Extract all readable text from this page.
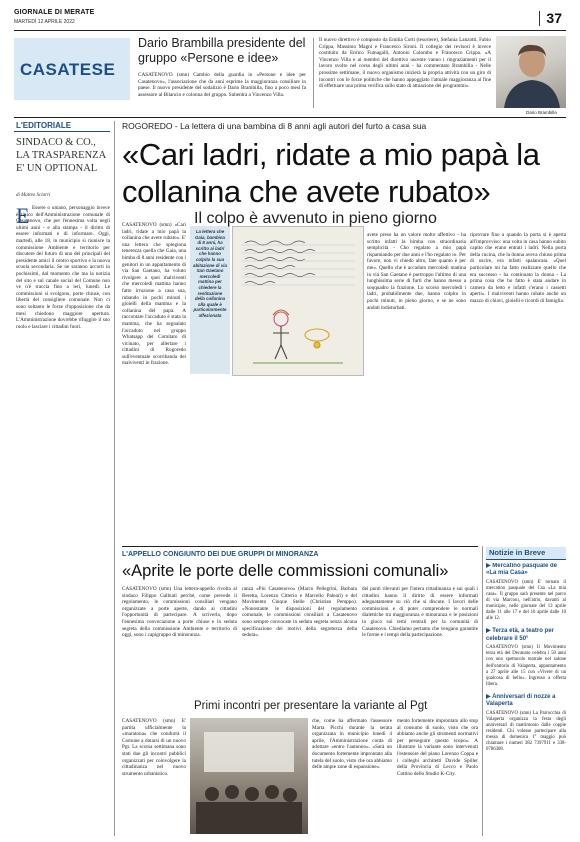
GIORNALE DI MERATE
MARTEDÌ 12 APRILE 2022	37
CASATESE
Dario Brambilla presidente del gruppo «Persone e idee»
CASATENOVO (smn) Cambio della guardia in «Persone e idee per Casatenovo», l'associazione che da anni esprime la maggioranza consiliare in paese. Il nuovo presidente del sodalizio è Dario Brambilla, fino a poco mesi fa assessore al Bilancio e colonna del gruppo. Subentra a Vincenzo Villa.
Il nuovo direttivo è composto da Emilia Corti (tesoriere), Stefania Lanzotti, Fabio Crippa, Massimo Magni e Francesco Sironi. Il collegio dei revisori è invece costituito da Enrico Fumagalli, Antonio Colombo e Francesco Crippa. «A Vincenzo Villa e ai membri del direttivo uscente vanno i ringraziamenti per il lavoro svolto nel corso degli ultimi anni - ha commentato Brambilla - Nelle prossime settimane, il nuovo organismo inizierà la propria attività con un giro di incontri con le forze politiche che hanno appoggiato l'attuale maggioranza al fine di effettuare una prima verifica sullo stato di attuazione dei programmi».
Dario Brambilla
L'EDITORIALE
SINDACO & CO., LA TRASPARENZA E' UN OPTIONAL
di Matteo Sciarri
E Essere o umano, personaggio invece è tipico dell'Amministrazione comunale di Casatenovo, che per l'ennesima volta negli ultimi anni - e alla stampa - il diritto di essere informati e di informare. Oggi, martedì, alle 18, in municipio si riunisce la commissione Ambiente e territorio per discutere del futuro di uno dei principali del presidente amici il centro sportivo e la nuova scuola secondaria. Se ne saranno accorti in pochissimi, dal momento che ma la notizia del sito e sul canale social del Comune non ve n'è traccia fino a ieri, lunedì. Le commissioni si svolgono, porte chiuse, con libertà del consigliere comunale. Non ci sono soltanto le forze d'opposizione che da mesi chiedono maggiore apertura. L'Amministrazione dovrebbe rifuggire il suo ruolo e lasciare i cittadini fuori.
ROGOREDO - La lettera di una bambina di 8 anni agli autori del furto a casa sua
«Cari ladri, ridate a mio papà la collanina che avete rubato»
CASATENOVO (smn) «Cari ladri, ridate a mio papà la collanina che avete rubato». E' una lettera che spiegiona tenerezza quella che Gaia, una bimba di 8 anni residente con i genitori in un appartamento di via San Gaetano, ha voluto rivolgere a quei malviventi che mercoledì mattina hanno fatto irruzione a casa sua, rubando in pochi minuti i gioielli della mamma e la collanina del papà. A raccontare l'accaduto è stata la mamma, che ha segnalato l'accaduto nel gruppo Whatsapp del Comitato di vicinato, per allertare i cittadini di Rogoredo sull'eventuale scorribanda dei malviventi in frazione.
La lettera che Gaia, bambina di 8 anni, ha scritto ai ladri che hanno colpito la sua abitazione di via San Gaetano mercoledì mattina per chiedere la restituzione della collanina alla quale è particolarmente affezionata
Il colpo è avvenuto in pieno giorno
avete preso ha un valore molto affettivo - ha scritto infatti la bimba con straordinaria semplicità - Cho regalato a mio papà rispamiando per due anni e l'ho regalato io. Per favore, non vi chiedo altro, fate quanto è per me». Quello che è accaduto mercoledì mattina in via San Gaetano è purtroppo l'ultimo di una lunghissima serie di furti che hanno messo a soqquadro la frazione. Lo scorso mercoledì i ladri, probabilmente due, hanno colpito in pochi minuti, in pieno giorno, e se ne sono andati indisturbati.
riprovare fino a quando la porta si è aperta all'improvviso: una volta in casa hanno subito capito che erano entrati i ladri. Nella porta della cucina, che la donna aveva chiuso prima di uscire, era infatti spalancata. «Quel particolare mi ha fatto realizzare quello che era successo - ha continuato la donna - La prima cosa che ho fatto è stata andare in camera da letto e infatti c'erano i cassetti aperti». I malviventi hanno rubato anche un mazzo di chiavi, gioielli e ricordi di famiglia.
L'APPELLO CONGIUNTO DEI DUE GRUPPI DI MINORANZA
«Aprite le porte delle commissioni comunali»
CASATENOVO (smn) Una lettera-appello rivolta al sindaco Filippo Galbiati perché, come prevede il regolamento, le commissioni consiliari vengano organizzate a porte aperte, dando ai cittadini l'opportunità di partecipare. A scriverla, dopo l'ennesima convocazione a porte chiuse e in seduta segreta della commissione Ambiente e territorio di oggi, sono i capigruppo di minoranza.
ranza «Più Casatenovo» (Marco Pellegrini, Barbara Beretta, Lorenzo Citterio e Marcello Paleari) e del Movimento Cinque Stelle (Christian Pemppo). «Nonostante le disposizioni del regolamento comunale, le commissioni consiliari a Casatenovo sono sempre convocate in seduta segreta senza alcuna specificazione dei motivi della segretezza della seduta».
dei punti rilevanti per l'intera cittadinanza e sui quali i cittadini hanno il diritto di essere informati adeguatamente su ciò che si discute. I lavori delle commissioni e di poter comprendere le normali dialettiche tra maggioranza e minoranza e le posizioni in gioco sui temi centrali per la comunità di Casatenovo. Chiediamo pertanto che vengano garantite le forme e i tempi della partecipazione.
Primi incontri per presentare la variante al Pgt
CASATENOVO (smn) E' partita ufficialmente la «maratona» che condurrà il Comune a dotarsi di un nuovo Pgt. La scorsa settimana sono stati due gli incontri pubblici organizzati per coinvolgere la cittadinanza nel nuovo strumento urbanistico.
che, come ha affermato l'assessore Marta Picchi durante la serata organizzata in municipio lunedì 4 aprile, l'Amministrazione conta di adottare «entro l'autunno». «Sarà un documento fortemente improntato alla tutela del suolo, visto che ora abbiamo delle ampie zone di espansione».
mento fortemente improntato allo stop al consumo di suolo, visto che ora abbiamo anche gli strumenti normativi per perseguire questo scopo». A illustrare la variante sono intervenuti l'estensore del piano Lorenzo Coppa e i colleghi architetti Davide Spiller della Provincia di Lecco e Paolo Cottino dello Studio K-City.
Notizie in Breve
▶ Mercatino pasquale de «La mia Casa»
CASATENOVO (smn) E' tornato il mercatino pasquale del Csa «La mia casa». Il gruppo sarà presente nel parco di via Marconi, nell'atrio, davanti al municipio, nelle giornate del 13 aprile dalle 11 alle 17 e del 16 aprile dalle 10 alle 12.
▶ Terza età, a teatro per celebrare il 50°
CASATENOVO (smn) Il Movimento terza età del Decanato celebra i 50 anni con uno spettacolo teatrale nel salone dell'oratorio di Valaperta, appuntamento a 27 aprile alle 15 con «Vivere di un qualcosa di bello». Ingresso a offerta libera.
▶ Anniversari di nozze a Valaperta
CASATENOVO (smn) La Parrocchia di Valaperta organizza la festa degli anniversari di matrimonio dalle coppie residenti. Chi volesse partecipare alla messa di domenica 1° maggio può chiamare i numeri 382 7397911 e 338-0786308.
